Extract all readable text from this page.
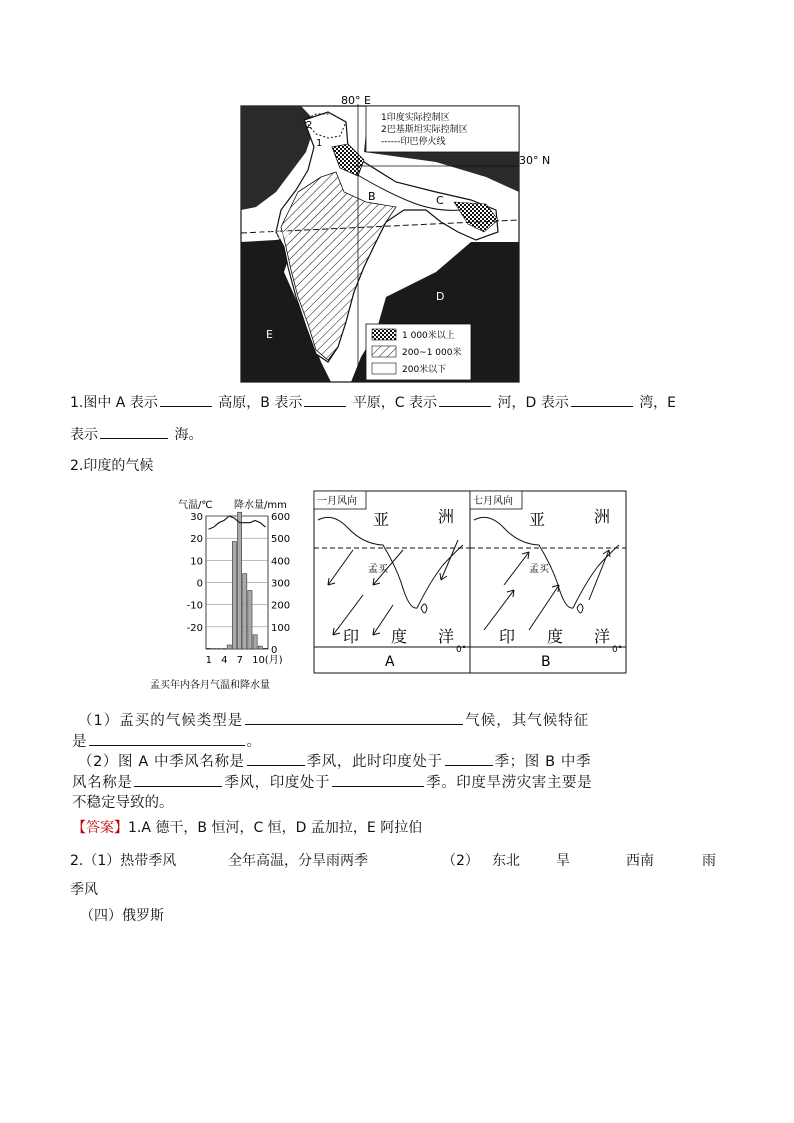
1印度实际控制区
2巴基斯坦实际控制区
------印巴停火线
1 000米以上
200~1 000米
200米以下
80° E
30° N
2
1
北回归线
A
B	C
D
E
1.图中 A 表示	高原，B 表示	平原，C 表示	河，D 表示	湾，E
表示	海。
2.印度的气候
气温/℃ 降水量/mm
30
20
10
0
-10
-20
600
500
400
300
200
100
0
1 4 7 10(月)
孟买年内各月气温和降水量
一月风向
亚	洲
孟买
印 度 洋
0°
A
七月风向
亚	洲
孟买
印 度 洋
0°
B
（1）孟买的气候类型是	气候，其气候特征
是	。
（2）图 A 中季风名称是	季风，此时印度处于	季；图 B 中季
风名称是	季风，印度处于	季。印度旱涝灾害主要是
不稳定导致的。
【答案】1.A 德干，B 恒河，C 恒，D 孟加拉，E 阿拉伯
2.（1）热带季风	全年高温，分旱雨两季	（2） 东北	旱	西南	雨
季风
（四）俄罗斯
